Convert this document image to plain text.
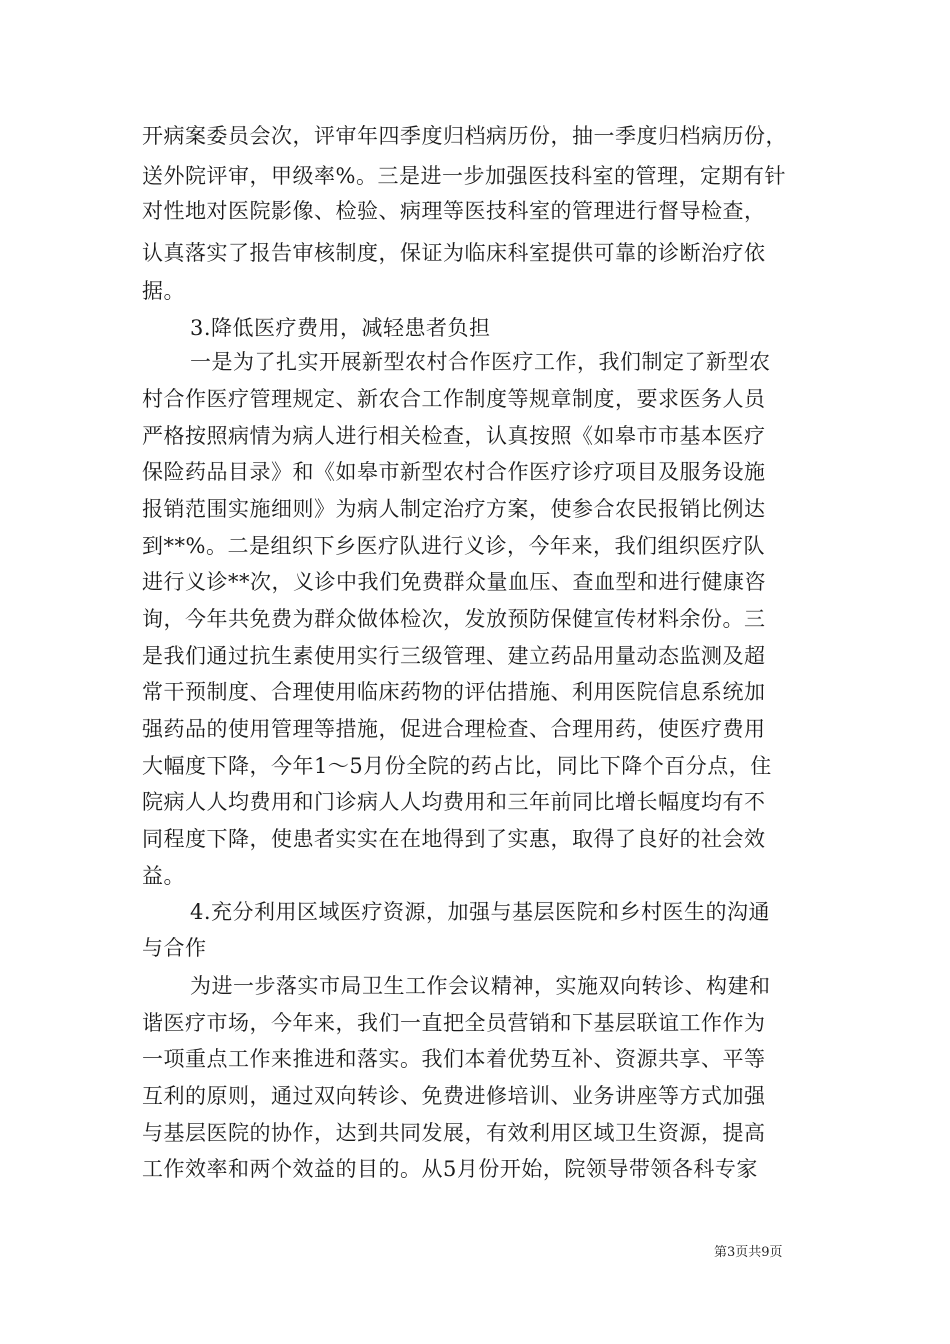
开病案委员会次，评审年四季度归档病历份，抽一季度归档病历份，
送外院评审，甲级率%。三是进一步加强医技科室的管理，定期有针
对性地对医院影像、检验、病理等医技科室的管理进行督导检查，
认真落实了报告审核制度，保证为临床科室提供可靠的诊断治疗依
据。
3.降低医疗费用，减轻患者负担
一是为了扎实开展新型农村合作医疗工作，我们制定了新型农
村合作医疗管理规定、新农合工作制度等规章制度，要求医务人员
严格按照病情为病人进行相关检查，认真按照《如皋市市基本医疗
保险药品目录》和《如皋市新型农村合作医疗诊疗项目及服务设施
报销范围实施细则》为病人制定治疗方案，使参合农民报销比例达
到**%。二是组织下乡医疗队进行义诊，今年来，我们组织医疗队
进行义诊**次，义诊中我们免费群众量血压、查血型和进行健康咨
询，今年共免费为群众做体检次，发放预防保健宣传材料余份。三
是我们通过抗生素使用实行三级管理、建立药品用量动态监测及超
常干预制度、合理使用临床药物的评估措施、利用医院信息系统加
强药品的使用管理等措施，促进合理检查、合理用药，使医疗费用
大幅度下降，今年1～5月份全院的药占比，同比下降个百分点，住
院病人人均费用和门诊病人人均费用和三年前同比增长幅度均有不
同程度下降，使患者实实在在地得到了实惠，取得了良好的社会效
益。
4.充分利用区域医疗资源，加强与基层医院和乡村医生的沟通
与合作
为进一步落实市局卫生工作会议精神，实施双向转诊、构建和
谐医疗市场，今年来，我们一直把全员营销和下基层联谊工作作为
一项重点工作来推进和落实。我们本着优势互补、资源共享、平等
互利的原则，通过双向转诊、免费进修培训、业务讲座等方式加强
与基层医院的协作，达到共同发展，有效利用区域卫生资源，提高
工作效率和两个效益的目的。从5月份开始，院领导带领各科专家
第3页共9页
